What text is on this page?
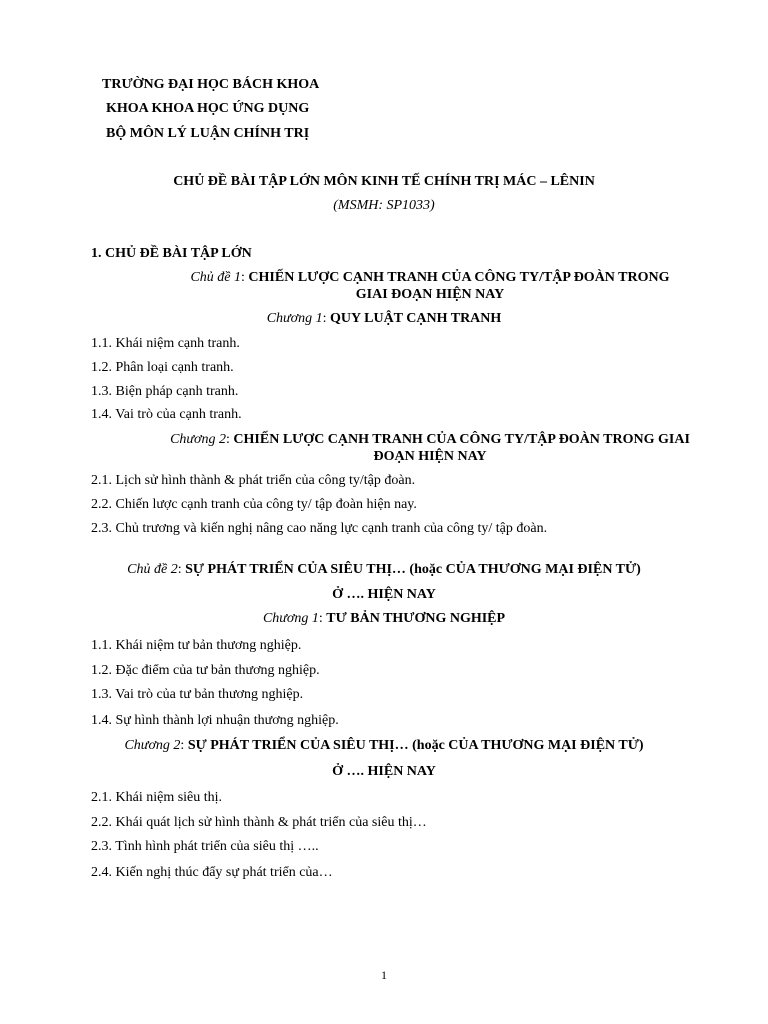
TRƯỜNG ĐẠI HỌC BÁCH KHOA
KHOA KHOA HỌC ỨNG DỤNG
BỘ MÔN LÝ LUẬN CHÍNH TRỊ
CHỦ ĐỀ BÀI TẬP LỚN MÔN KINH TẾ CHÍNH TRỊ MÁC – LÊNIN
(MSMH: SP1033)
1. CHỦ ĐỀ BÀI TẬP LỚN
Chủ đề 1: CHIẾN LƯỢC CẠNH TRANH CỦA CÔNG TY/TẬP ĐOÀN TRONG GIAI ĐOẠN HIỆN NAY
Chương 1: QUY LUẬT CẠNH TRANH
1.1. Khái niệm cạnh tranh.
1.2. Phân loại cạnh tranh.
1.3. Biện pháp cạnh tranh.
1.4. Vai trò của cạnh tranh.
Chương 2: CHIẾN LƯỢC CẠNH TRANH CỦA CÔNG TY/TẬP ĐOÀN TRONG GIAI ĐOẠN HIỆN NAY
2.1. Lịch sử hình thành & phát triển của công ty/tập đoàn.
2.2. Chiến lược cạnh tranh của công ty/ tập đoàn hiện nay.
2.3. Chủ trương và kiến nghị nâng cao năng lực cạnh tranh của công ty/ tập đoàn.
Chủ đề 2: SỰ PHÁT TRIỂN CỦA SIÊU THỊ… (hoặc CỦA THƯƠNG MẠI ĐIỆN TỬ)
Ở …. HIỆN NAY
Chương 1: TƯ BẢN THƯƠNG NGHIỆP
1.1. Khái niệm tư bản thương nghiệp.
1.2. Đặc điểm của tư bản thương nghiệp.
1.3. Vai trò của tư bản thương nghiệp.
1.4. Sự hình thành lợi nhuận thương nghiệp.
Chương 2: SỰ PHÁT TRIỂN CỦA SIÊU THỊ… (hoặc CỦA THƯƠNG MẠI ĐIỆN TỬ)
Ở …. HIỆN NAY
2.1. Khái niệm siêu thị.
2.2. Khái quát lịch sử hình thành & phát triển của siêu thị…
2.3. Tình hình phát triển của siêu thị …..
2.4. Kiến nghị thúc đẩy sự phát triển của…
1
